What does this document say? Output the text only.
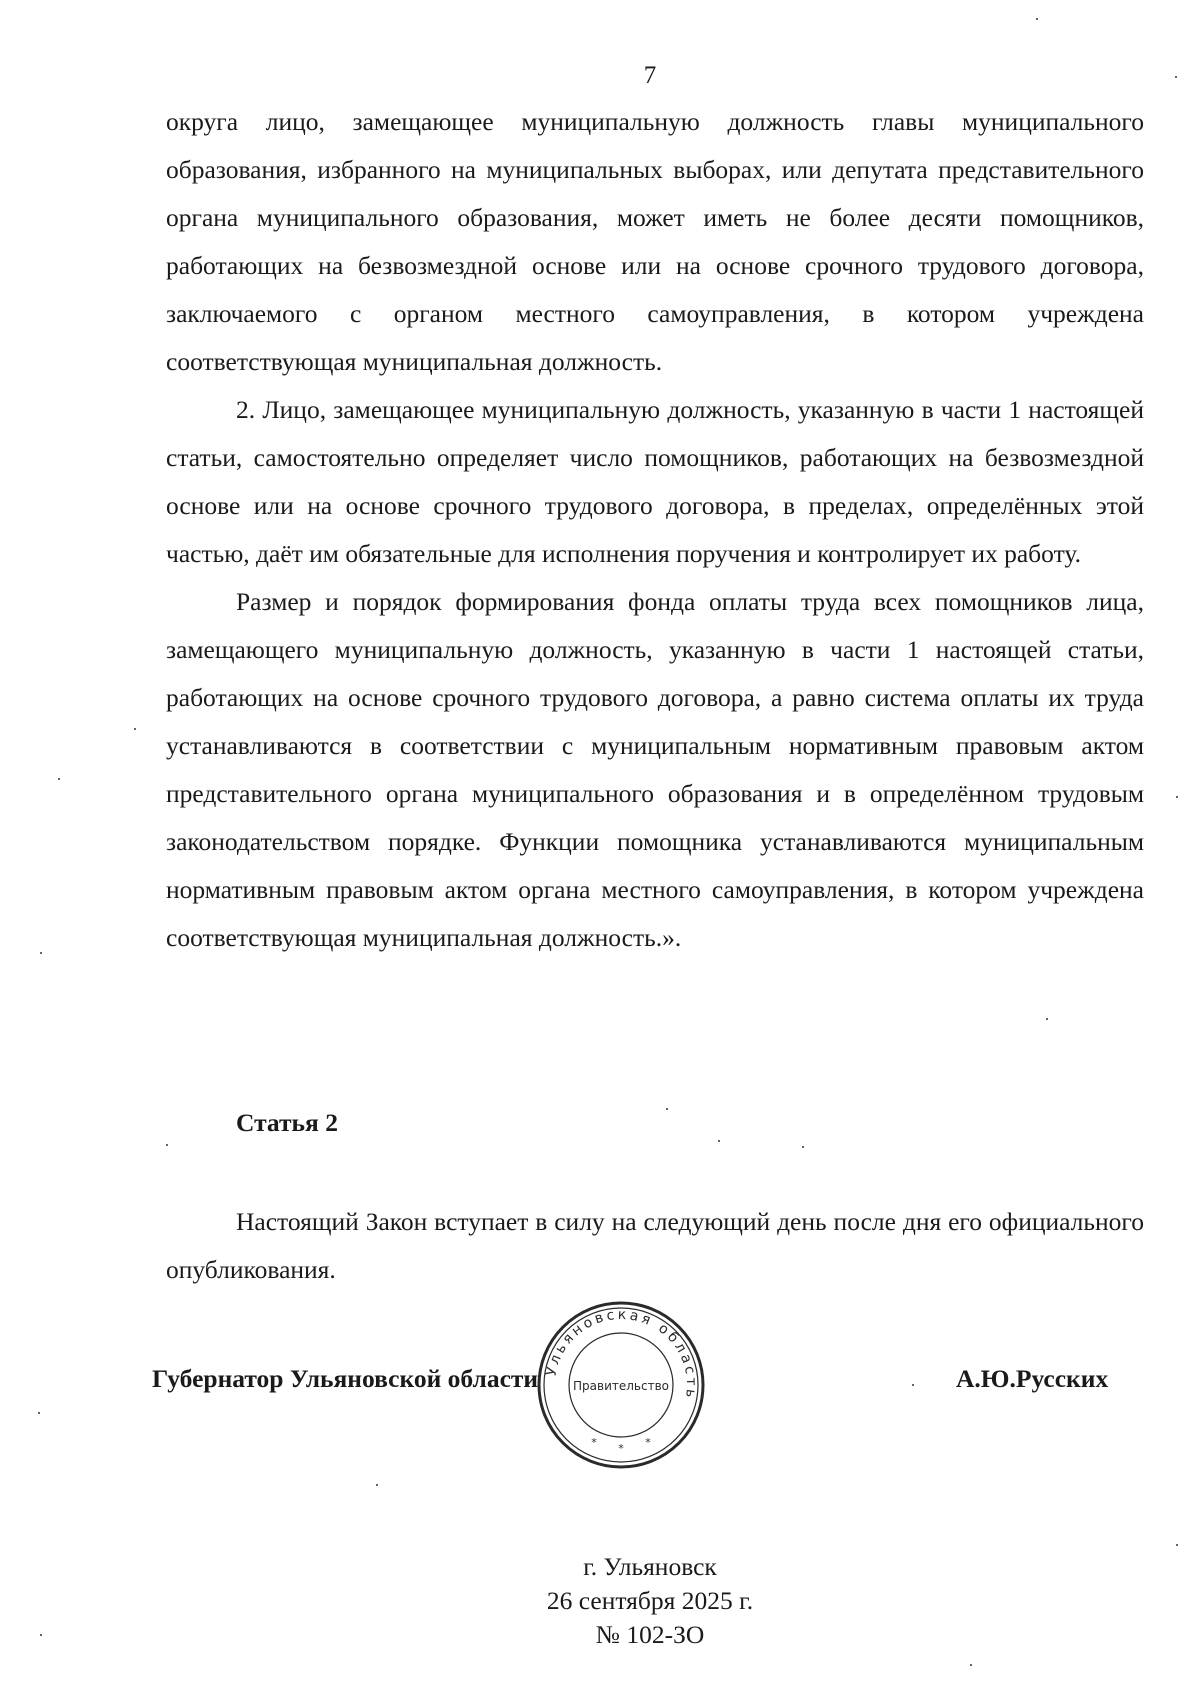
7

округа лицо, замещающее муниципальную должность главы муниципального образования, избранного на муниципальных выборах, или депутата представительного органа муниципального образования, может иметь не более десяти помощников, работающих на безвозмездной основе или на основе срочного трудового договора, заключаемого с органом местного самоуправления, в котором учреждена соответствующая муниципальная должность.

2. Лицо, замещающее муниципальную должность, указанную в части 1 настоящей статьи, самостоятельно определяет число помощников, работающих на безвозмездной основе или на основе срочного трудового договора, в пределах, определённых этой частью, даёт им обязательные для исполнения поручения и контролирует их работу.

Размер и порядок формирования фонда оплаты труда всех помощников лица, замещающего муниципальную должность, указанную в части 1 настоящей статьи, работающих на основе срочного трудового договора, а равно система оплаты их труда устанавливаются в соответствии с муниципальным нормативным правовым актом представительного органа муниципального образования и в определённом трудовым законодательством порядке. Функции помощника устанавливаются муниципальным нормативным правовым актом органа местного самоуправления, в котором учреждена соответствующая муниципальная должность.».

Статья 2

Настоящий Закон вступает в силу на следующий день после дня его официального опубликования.

Губернатор Ульяновской области	А.Ю.Русских
Ульяновская область
Правительство
* * *
г. Ульяновск
26 сентября 2025 г.
№ 102-ЗО
